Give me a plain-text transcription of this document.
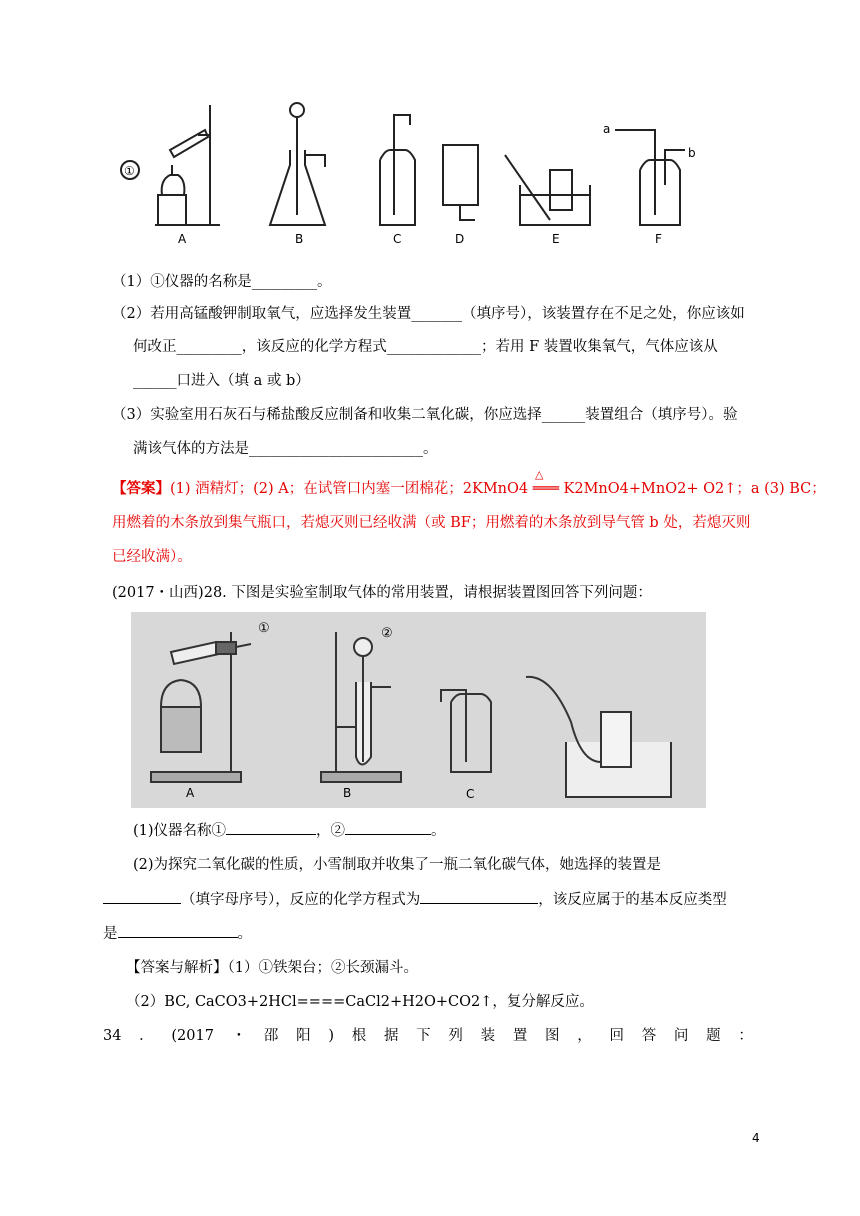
①
A	B	C	D	E	F
a
b
（1）①仪器的名称是_________。
（2）若用高锰酸钾制取氧气，应选择发生装置_______（填序号），该装置存在不足之处，你应该如
何改正_________，该反应的化学方程式_____________；若用 F 装置收集氧气，气体应该从
______口进入（填 a 或 b）
（3）实验室用石灰石与稀盐酸反应制备和收集二氧化碳，你应选择______装置组合（填序号）。验
满该气体的方法是________________________。
【答案】(1) 酒精灯；(2) A；在试管口内塞一团棉花；2KMnO4 ═══ K2MnO4+MnO2+ O2↑；a (3) BC；
△
用燃着的木条放到集气瓶口，若熄灭则已经收满（或 BF；用燃着的木条放到导气管 b 处，若熄灭则
已经收满）。
(2017・山西)28. 下图是实验室制取气体的常用装置，请根据装置图回答下列问题：
①	②
A	B	C
(1)仪器名称①	，②	。
(2)为探究二氧化碳的性质，小雪制取并收集了一瓶二氧化碳气体，她选择的装置是
（填字母序号），反应的化学方程式为	，该反应属于的基本反应类型
是	。
【答案与解析】（1）①铁架台；②长颈漏斗。
（2）BC, CaCO3+2HCl====CaCl2+H2O+CO2↑，复分解反应。
34 ． (2017 ・ 邵 阳 ) 根 据 下 列 装 置 图 ， 回 答 问 题 ：
4
